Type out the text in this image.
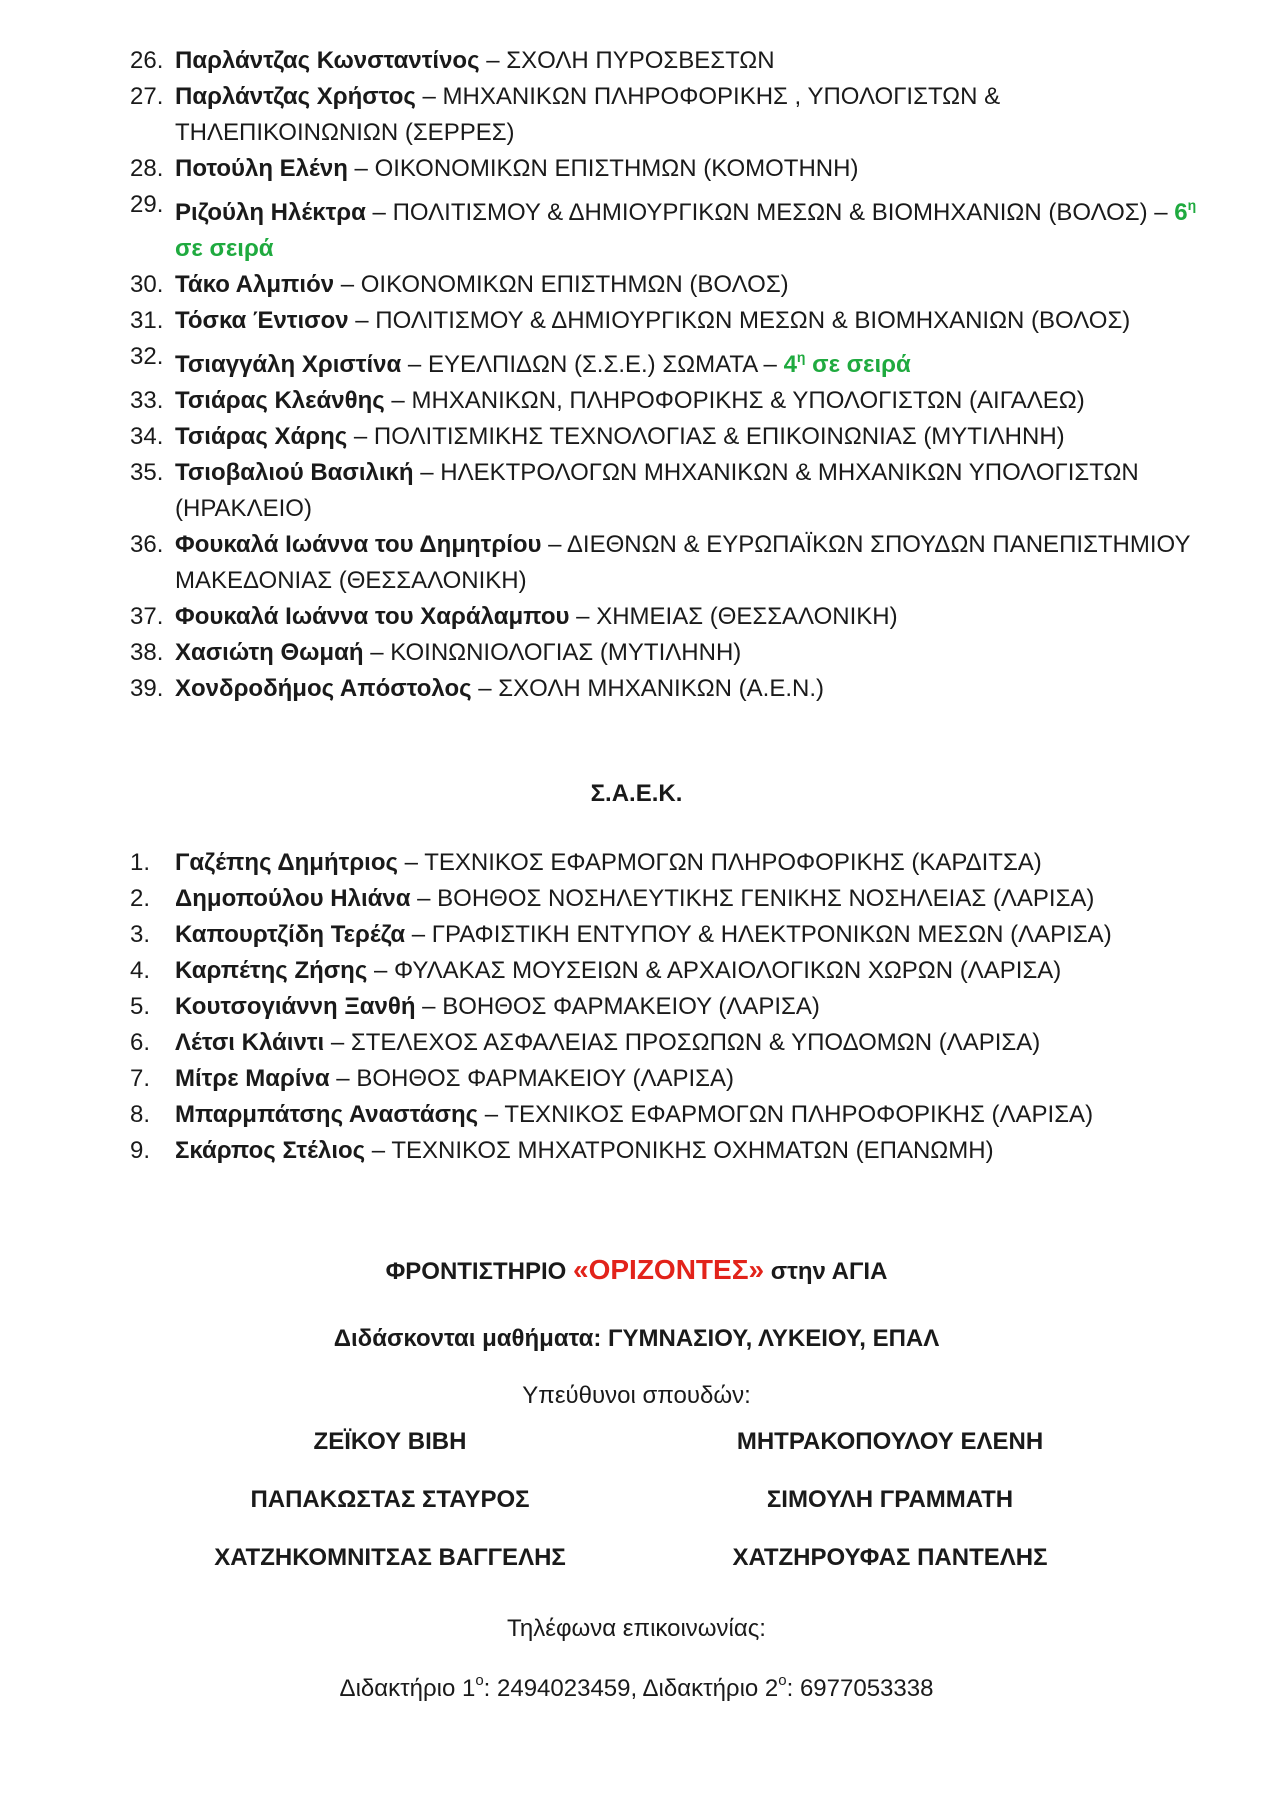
26. Παρλάντζας Κωνσταντίνος – ΣΧΟΛΗ ΠΥΡΟΣΒΕΣΤΩΝ
27. Παρλάντζας Χρήστος – ΜΗΧΑΝΙΚΩΝ ΠΛΗΡΟΦΟΡΙΚΗΣ , ΥΠΟΛΟΓΙΣΤΩΝ & ΤΗΛΕΠΙΚΟΙΝΩΝΙΩΝ (ΣΕΡΡΕΣ)
28. Ποτούλη Ελένη – ΟΙΚΟΝΟΜΙΚΩΝ ΕΠΙΣΤΗΜΩΝ (ΚΟΜΟΤΗΝΗ)
29. Ριζούλη Ηλέκτρα – ΠΟΛΙΤΙΣΜΟΥ & ΔΗΜΙΟΥΡΓΙΚΩΝ ΜΕΣΩΝ & ΒΙΟΜΗΧΑΝΙΩΝ $(BO\Lambda O\Sigma) - 6^\eta$ σε σειρά
30. Τάκο Αλμπιόν – ΟΙΚΟΝΟΜΙΚΩΝ ΕΠΙΣΤΗΜΩΝ (ΒΟΛΟΣ)
31. Τόσκα Έντισον – ΠΟΛΙΤΙΣΜΟΥ & ΔΗΜΙΟΥΡΓΙΚΩΝ ΜΕΣΩΝ & ΒΙΟΜΗΧΑΝΙΩΝ (ΒΟΛΟΣ)
32. Τσιαγγάλη Χριστίνα – ΕΥΕΛΠΙΔΩΝ (Σ.Σ.Ε.) ΣΩΜΑΤΑ – $4^\eta$ σε σειρά
33. Τσιάρας Κλεάνθης – ΜΗΧΑΝΙΚΩΝ, ΠΛΗΡΟΦΟΡΙΚΗΣ & ΥΠΟΛΟΓΙΣΤΩΝ (ΑΙΓΑΛΕΩ)
34. Τσιάρας Χάρης – ΠΟΛΙΤΙΣΜΙΚΗΣ ΤΕΧΝΟΛΟΓΙΑΣ & ΕΠΙΚΟΙΝΩΝΙΑΣ (ΜΥΤΙΛΗΝΗ)
35. Τσιοβαλιού Βασιλική – ΗΛΕΚΤΡΟΛΟΓΩΝ ΜΗΧΑΝΙΚΩΝ & ΜΗΧΑΝΙΚΩΝ ΥΠΟΛΟΓΙΣΤΩΝ (ΗΡΑΚΛΕΙΟ)
36. Φουκαλά Ιωάννα του Δημητρίου – ΔΙΕΘΝΩΝ & ΕΥΡΩΠΑΪΚΩΝ ΣΠΟΥΔΩΝ ΠΑΝΕΠΙΣΤΗΜΙΟΥ ΜΑΚΕΔΟΝΙΑΣ (ΘΕΣΣΑΛΟΝΙΚΗ)
37. Φουκαλά Ιωάννα του Χαράλαμπου – ΧΗΜΕΙΑΣ (ΘΕΣΣΑΛΟΝΙΚΗ)
38. Χασιώτη Θωμαή – ΚΟΙΝΩΝΙΟΛΟΓΙΑΣ (ΜΥΤΙΛΗΝΗ)
39. Χονδροδήμος Απόστολος – ΣΧΟΛΗ ΜΗΧΑΝΙΚΩΝ (Α.Ε.Ν.)
Σ.Α.Ε.Κ.
1. Γαζέπης Δημήτριος – ΤΕΧΝΙΚΟΣ ΕΦΑΡΜΟΓΩΝ ΠΛΗΡΟΦΟΡΙΚΗΣ (ΚΑΡΔΙΤΣΑ)
2. Δημοπούλου Ηλιάνα – ΒΟΗΘΟΣ ΝΟΣΗΛΕΥΤΙΚΗΣ ΓΕΝΙΚΗΣ ΝΟΣΗΛΕΙΑΣ (ΛΑΡΙΣΑ)
3. Καπουρτζίδη Τερέζα – ΓΡΑΦΙΣΤΙΚΗ ΕΝΤΥΠΟΥ & ΗΛΕΚΤΡΟΝΙΚΩΝ ΜΕΣΩΝ (ΛΑΡΙΣΑ)
4. Καρπέτης Ζήσης – ΦΥΛΑΚΑΣ ΜΟΥΣΕΙΩΝ & ΑΡΧΑΙΟΛΟΓΙΚΩΝ ΧΩΡΩΝ (ΛΑΡΙΣΑ)
5. Κουτσογιάννη Ξανθή – ΒΟΗΘΟΣ ΦΑΡΜΑΚΕΙΟΥ (ΛΑΡΙΣΑ)
6. Λέτσι Κλάιντι – ΣΤΕΛΕΧΟΣ ΑΣΦΑΛΕΙΑΣ ΠΡΟΣΩΠΩΝ & ΥΠΟΔΟΜΩΝ (ΛΑΡΙΣΑ)
7. Μίτρε Μαρίνα – ΒΟΗΘΟΣ ΦΑΡΜΑΚΕΙΟΥ (ΛΑΡΙΣΑ)
8. Μπαρμπάτσης Αναστάσης – ΤΕΧΝΙΚΟΣ ΕΦΑΡΜΟΓΩΝ ΠΛΗΡΟΦΟΡΙΚΗΣ (ΛΑΡΙΣΑ)
9. Σκάρπος Στέλιος – ΤΕΧΝΙΚΟΣ ΜΗΧΑΤΡΟΝΙΚΗΣ ΟΧΗΜΑΤΩΝ (ΕΠΑΝΩΜΗ)
ΦΡΟΝΤΙΣΤΗΡΙΟ «ΟΡΙΖΟΝΤΕΣ» στην ΑΓΙΑ
Διδάσκονται μαθήματα: ΓΥΜΝΑΣΙΟΥ, ΛΥΚΕΙΟΥ, ΕΠΑΛ
Υπεύθυνοι σπουδών:
ΖΕΪΚΟΥ ΒΙΒΗ	ΜΗΤΡΑΚΟΠΟΥΛΟΥ ΕΛΕΝΗ
ΠΑΠΑΚΩΣΤΑΣ ΣΤΑΥΡΟΣ	ΣΙΜΟΥΛΗ ΓΡΑΜΜΑΤΗ
ΧΑΤΖΗΚΟΜΝΙΤΣΑΣ ΒΑΓΓΕΛΗΣ	ΧΑΤΖΗΡΟΥΦΑΣ ΠΑΝΤΕΛΗΣ
Τηλέφωνα επικοινωνίας:
Διδακτήριο $1^o$: 2494023459, Διδακτήριο $2^o$: 6977053338
